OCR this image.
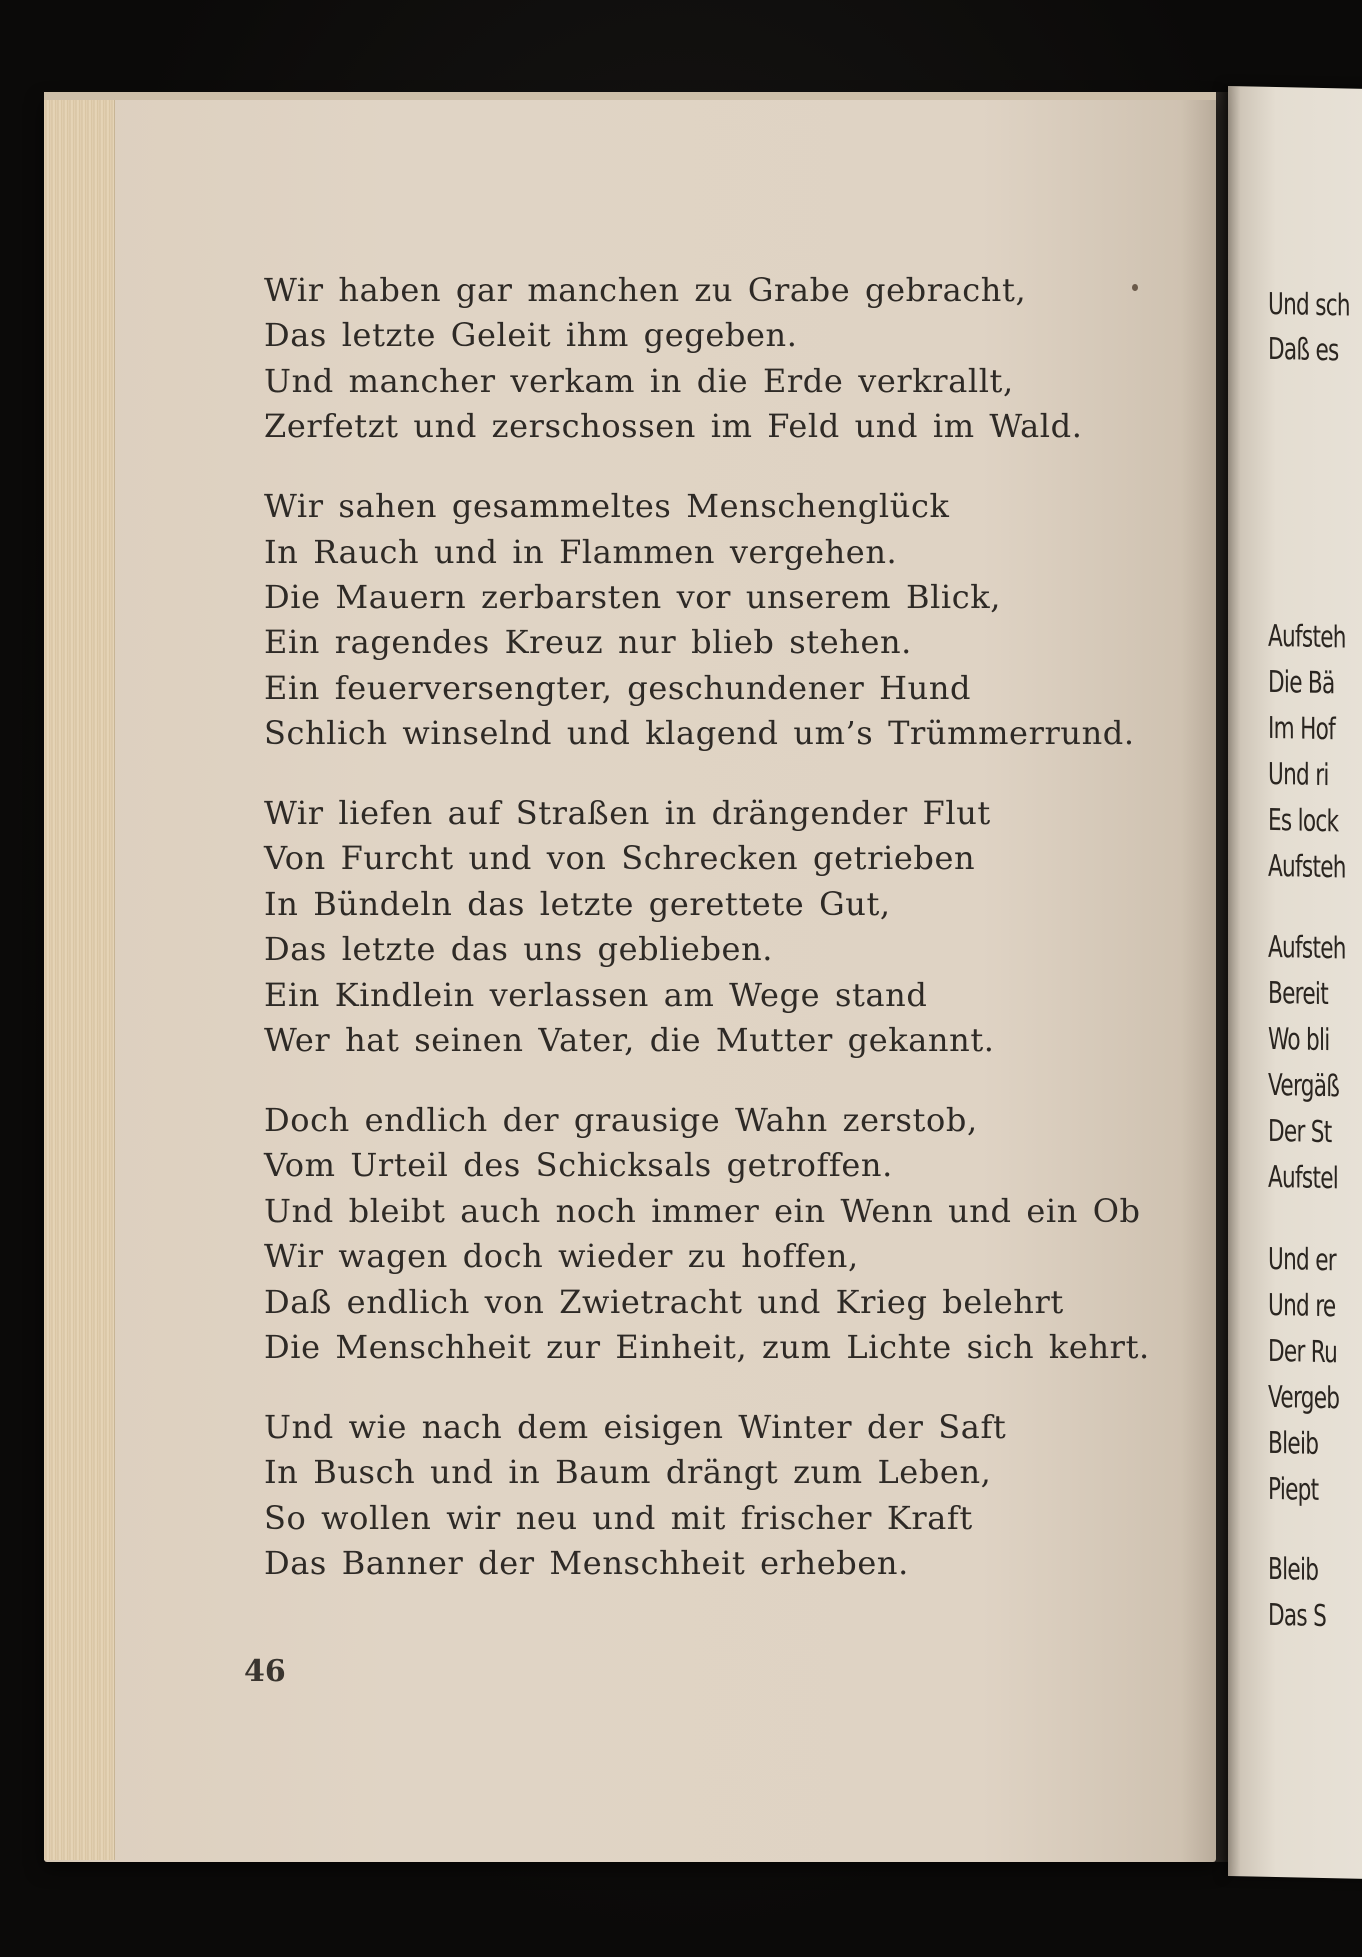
Und sch
Daß es
Aufsteh
Die Bä
Im Hof
Und ri
Es lock
Aufsteh
Aufsteh
Bereit
Wo bli
Vergäß
Der St
Aufstel
Und er
Und re
Der Ru
Vergeb
Bleib
Piept
Bleib
Das S
Wir haben gar manchen zu Grabe gebracht,
Das letzte Geleit ihm gegeben.
Und mancher verkam in die Erde verkrallt,
Zerfetzt und zerschossen im Feld und im Wald.
Wir sahen gesammeltes Menschenglück
In Rauch und in Flammen vergehen.
Die Mauern zerbarsten vor unserem Blick,
Ein ragendes Kreuz nur blieb stehen.
Ein feuerversengter, geschundener Hund
Schlich winselnd und klagend um’s Trümmerrund.
Wir liefen auf Straßen in drängender Flut
Von Furcht und von Schrecken getrieben
In Bündeln das letzte gerettete Gut,
Das letzte das uns geblieben.
Ein Kindlein verlassen am Wege stand
Wer hat seinen Vater, die Mutter gekannt.
Doch endlich der grausige Wahn zerstob,
Vom Urteil des Schicksals getroffen.
Und bleibt auch noch immer ein Wenn und ein Ob
Wir wagen doch wieder zu hoffen,
Daß endlich von Zwietracht und Krieg belehrt
Die Menschheit zur Einheit, zum Lichte sich kehrt.
Und wie nach dem eisigen Winter der Saft
In Busch und in Baum drängt zum Leben,
So wollen wir neu und mit frischer Kraft
Das Banner der Menschheit erheben.
46
